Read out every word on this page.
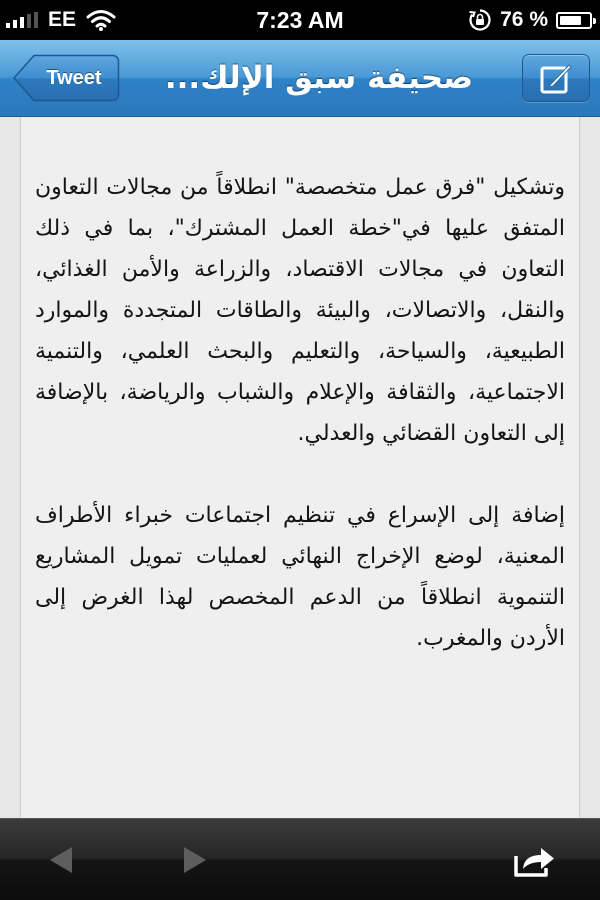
EE	7:23 AM	76 %
Tweet	صحيفة سبق الإلك...

وتشكيل "فرق عمل متخصصة" انطلاقاً من مجالات التعاون المتفق عليها في"خطة العمل المشترك"، بما في ذلك التعاون في مجالات الاقتصاد، والزراعة والأمن الغذائي، والنقل، والاتصالات، والبيئة والطاقات المتجددة والموارد الطبيعية، والسياحة، والتعليم والبحث العلمي، والتنمية الاجتماعية، والثقافة والإعلام والشباب والرياضة، بالإضافة إلى التعاون القضائي والعدلي.

إضافة إلى الإسراع في تنظيم اجتماعات خبراء الأطراف المعنية، لوضع الإخراج النهائي لعمليات تمويل المشاريع التنموية انطلاقاً من الدعم المخصص لهذا الغرض إلى الأردن والمغرب.
